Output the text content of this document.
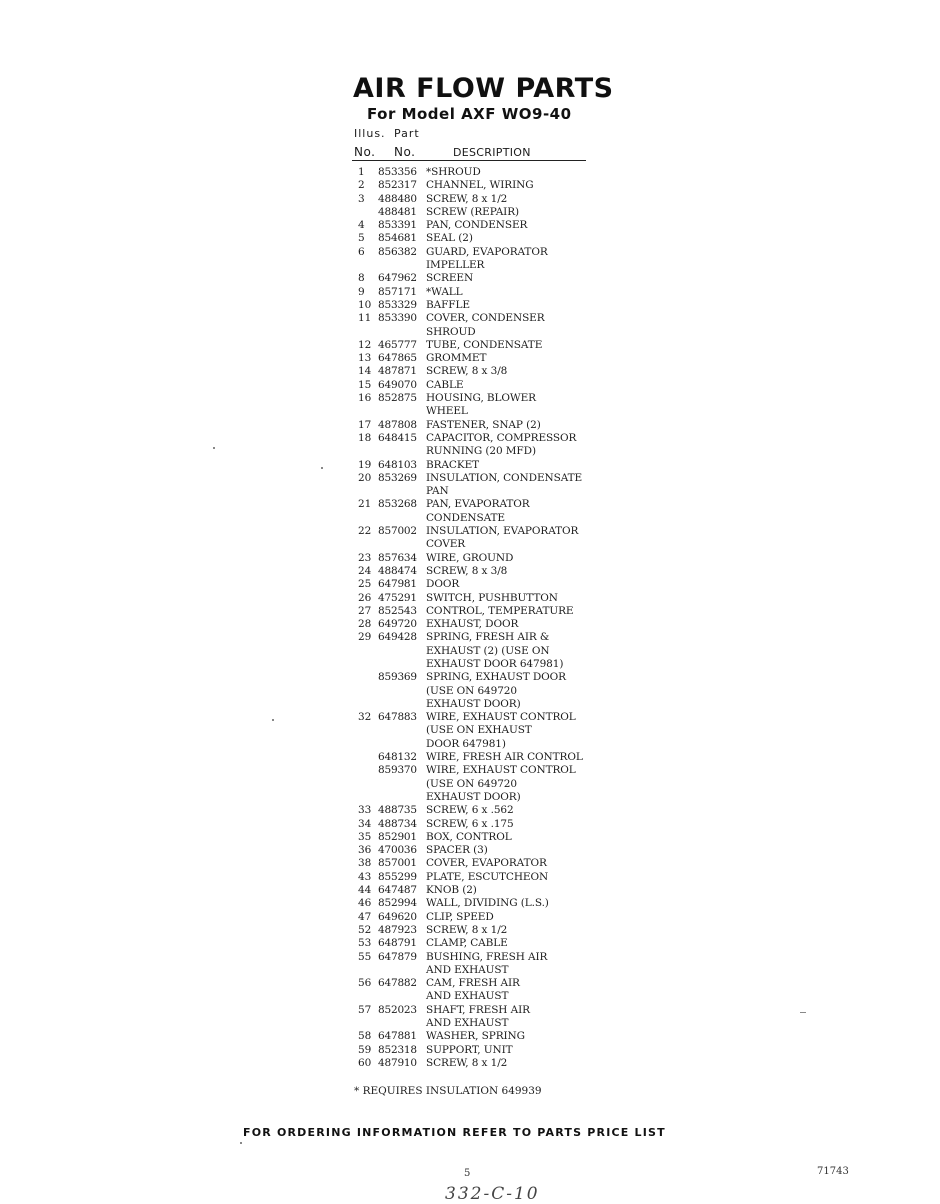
AIR FLOW PARTS
For Model AXF WO9-40
Illus. Part
No. No.	DESCRIPTION
1	853356 *SHROUD
2	852317 CHANNEL, WIRING
3	488480 SCREW, 8 x 1/2
488481 SCREW (REPAIR)
4	853391 PAN, CONDENSER
5	854681 SEAL (2)
6	856382 GUARD, EVAPORATOR
IMPELLER
8	647962 SCREEN
9	857171 *WALL
10 853329 BAFFLE
11 853390 COVER, CONDENSER
SHROUD
12 465777 TUBE, CONDENSATE
13 647865 GROMMET
14 487871 SCREW, 8 x 3/8
15 649070 CABLE
16 852875 HOUSING, BLOWER
WHEEL
17 487808 FASTENER, SNAP (2)
18 648415 CAPACITOR, COMPRESSOR
RUNNING (20 MFD)
19 648103 BRACKET
20 853269 INSULATION, CONDENSATE
PAN
21 853268 PAN, EVAPORATOR
CONDENSATE
22 857002 INSULATION, EVAPORATOR
COVER
23 857634 WIRE, GROUND
24 488474 SCREW, 8 x 3/8
25 647981 DOOR
26 475291 SWITCH, PUSHBUTTON
27 852543 CONTROL, TEMPERATURE
28 649720 EXHAUST, DOOR
29 649428 SPRING, FRESH AIR &
EXHAUST (2) (USE ON
EXHAUST DOOR 647981)
859369 SPRING, EXHAUST DOOR
(USE ON 649720
EXHAUST DOOR)
32 647883 WIRE, EXHAUST CONTROL
(USE ON EXHAUST
DOOR 647981)
648132 WIRE, FRESH AIR CONTROL
859370 WIRE, EXHAUST CONTROL
(USE ON 649720
EXHAUST DOOR)
33 488735 SCREW, 6 x .562
34 488734 SCREW, 6 x .175
35 852901 BOX, CONTROL
36 470036 SPACER (3)
38 857001 COVER, EVAPORATOR
43 855299 PLATE, ESCUTCHEON
44 647487 KNOB (2)
46 852994 WALL, DIVIDING (L.S.)
47 649620 CLIP, SPEED
52 487923 SCREW, 8 x 1/2
53 648791 CLAMP, CABLE
55 647879 BUSHING, FRESH AIR
AND EXHAUST
56 647882 CAM, FRESH AIR
AND EXHAUST
57 852023 SHAFT, FRESH AIR
AND EXHAUST
58 647881 WASHER, SPRING
59 852318 SUPPORT, UNIT
60 487910 SCREW, 8 x 1/2
* REQUIRES INSULATION 649939
FOR ORDERING INFORMATION REFER TO PARTS PRICE LIST
5	71743
332-C-10
